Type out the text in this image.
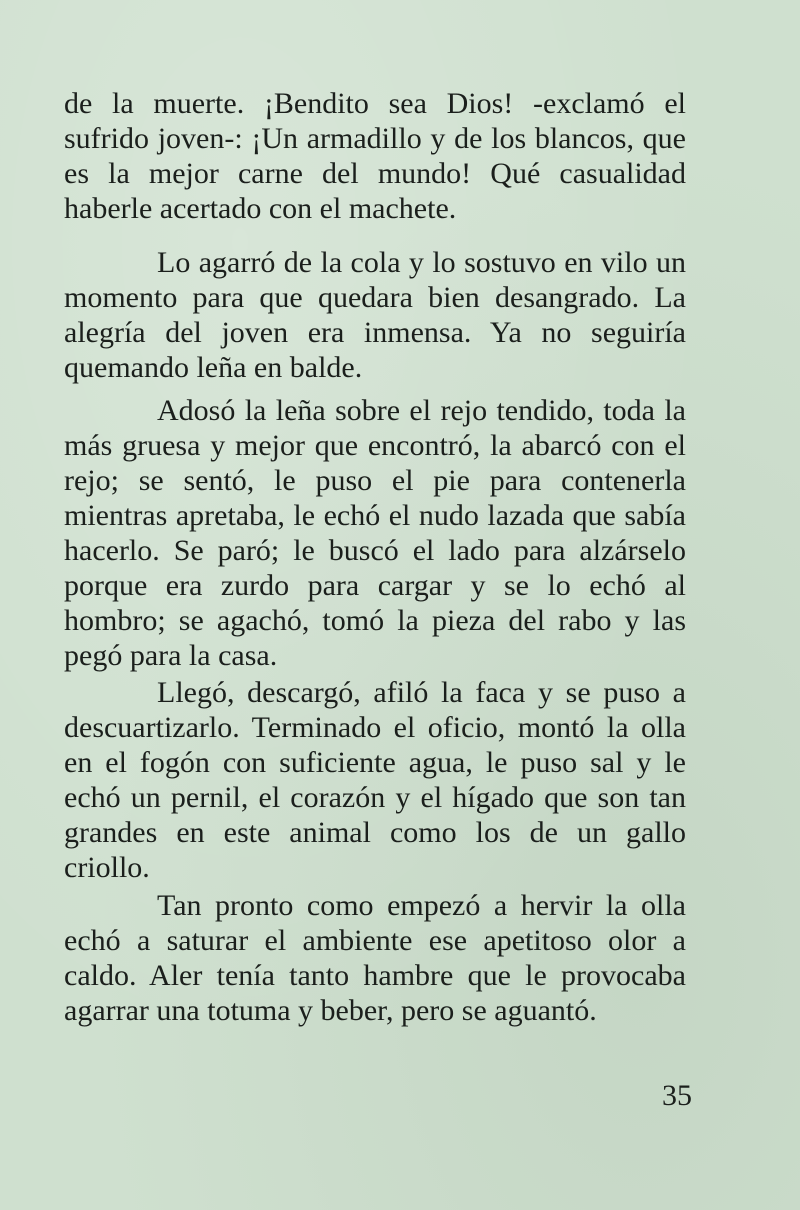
de la muerte. ¡Bendito sea Dios! -exclamó el sufrido joven-: ¡Un armadillo y de los blancos, que es la mejor carne del mundo! Qué casualidad haberle acertado con el machete.

Lo agarró de la cola y lo sostuvo en vilo un momento para que quedara bien desangrado. La alegría del joven era inmensa. Ya no seguiría quemando leña en balde.

Adosó la leña sobre el rejo tendido, toda la más gruesa y mejor que encontró, la abarcó con el rejo; se sentó, le puso el pie para contenerla mientras apretaba, le echó el nudo lazada que sabía hacerlo. Se paró; le buscó el lado para alzárselo porque era zurdo para cargar y se lo echó al hombro; se agachó, tomó la pieza del rabo y las pegó para la casa.

Llegó, descargó, afiló la faca y se puso a descuartizarlo. Terminado el oficio, montó la olla en el fogón con suficiente agua, le puso sal y le echó un pernil, el corazón y el hígado que son tan grandes en este animal como los de un gallo criollo.

Tan pronto como empezó a hervir la olla echó a saturar el ambiente ese apetitoso olor a caldo. Aler tenía tanto hambre que le provocaba agarrar una totuma y beber, pero se aguantó.

35
